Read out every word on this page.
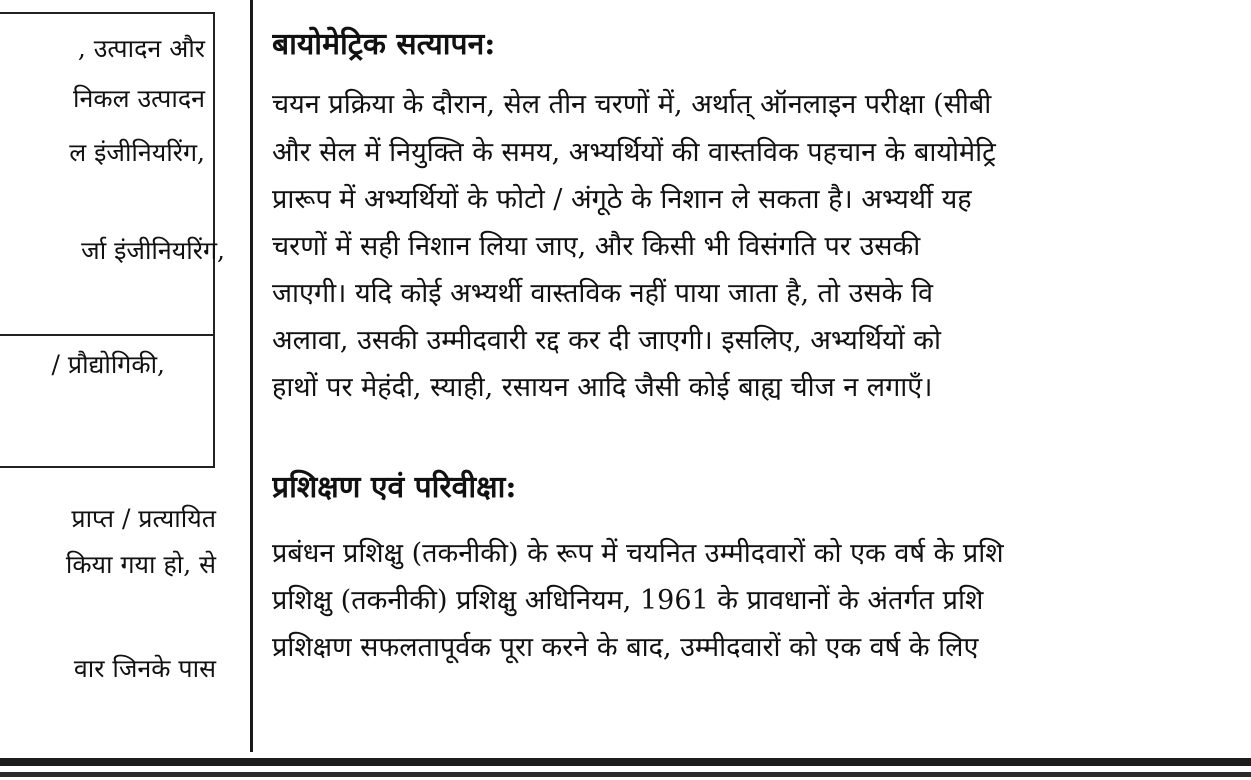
, उत्पादन और
निकल उत्पादन
ल इंजीनियरिंग,
र्जा इंजीनियरिंग,
/ प्रौद्योगिकी,
प्राप्त / प्रत्यायित
किया गया हो, से
वार जिनके पास
बायोमेट्रिक सत्यापन:
चयन प्रक्रिया के दौरान, सेल तीन चरणों में, अर्थात् ऑनलाइन परीक्षा (सीबी
और सेल में नियुक्ति के समय, अभ्यर्थियों की वास्तविक पहचान के बायोमेट्रि
प्रारूप में अभ्यर्थियों के फोटो / अंगूठे के निशान ले सकता है। अभ्यर्थी यह
चरणों में सही निशान लिया जाए, और किसी भी विसंगति पर उसकी
जाएगी। यदि कोई अभ्यर्थी वास्तविक नहीं पाया जाता है, तो उसके वि
अलावा, उसकी उम्मीदवारी रद्द कर दी जाएगी। इसलिए, अभ्यर्थियों को
हाथों पर मेहंदी, स्याही, रसायन आदि जैसी कोई बाह्य चीज न लगाएँ।
प्रशिक्षण एवं परिवीक्षा:
प्रबंधन प्रशिक्षु (तकनीकी) के रूप में चयनित उम्मीदवारों को एक वर्ष के प्रशि
प्रशिक्षु (तकनीकी) प्रशिक्षु अधिनियम, 1961 के प्रावधानों के अंतर्गत प्रशि
प्रशिक्षण सफलतापूर्वक पूरा करने के बाद, उम्मीदवारों को एक वर्ष के लिए
